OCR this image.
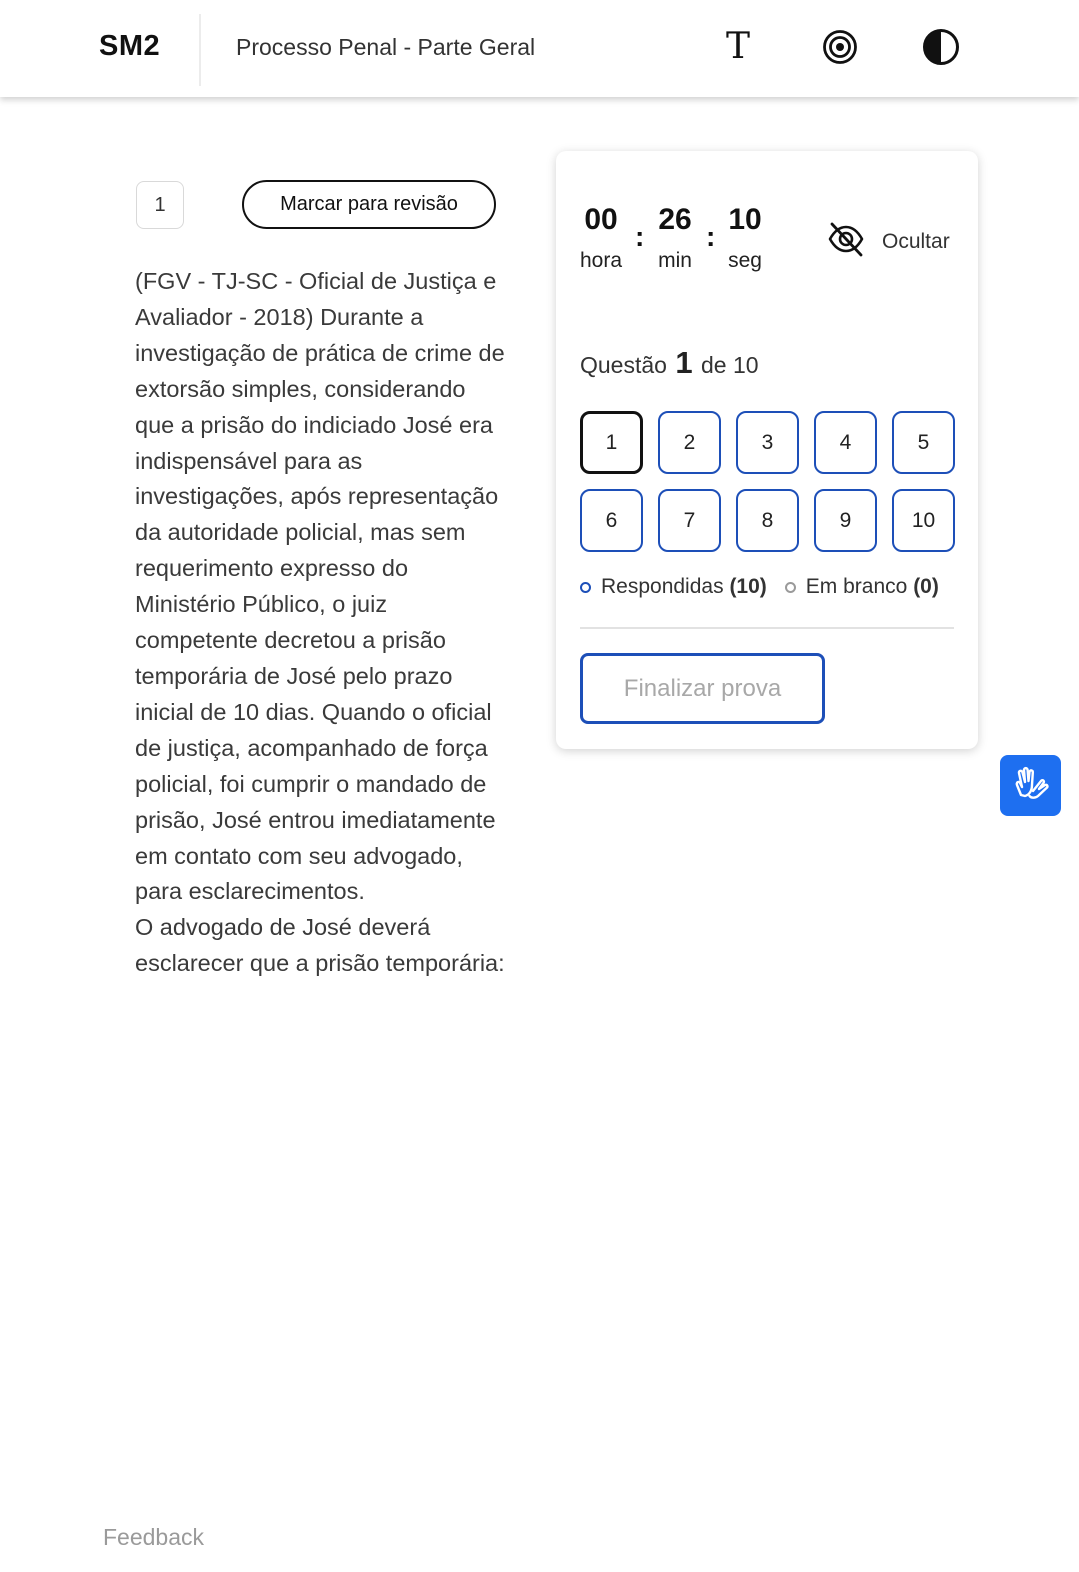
SM2	Processo Penal - Parte Geral	T
1	Marcar para revisão

(FGV - TJ-SC - Oficial de Justiça e Avaliador - 2018) Durante a investigação de prática de crime de extorsão simples, considerando que a prisão do indiciado José era indispensável para as investigações, após representação da autoridade policial, mas sem requerimento expresso do Ministério Público, o juiz competente decretou a prisão temporária de José pelo prazo inicial de 10 dias. Quando o oficial de justiça, acompanhado de força policial, foi cumprir o mandado de prisão, José entrou imediatamente em contato com seu advogado, para esclarecimentos.

O advogado de José deverá esclarecer que a prisão temporária:

00
hora
:
26
min
:
10
seg
Ocultar
Questão 1 de 10
1	2	3	4	5
6	7	8	9	10
Respondidas
(10) Em branco
(0)
Finalizar prova
Feedback
